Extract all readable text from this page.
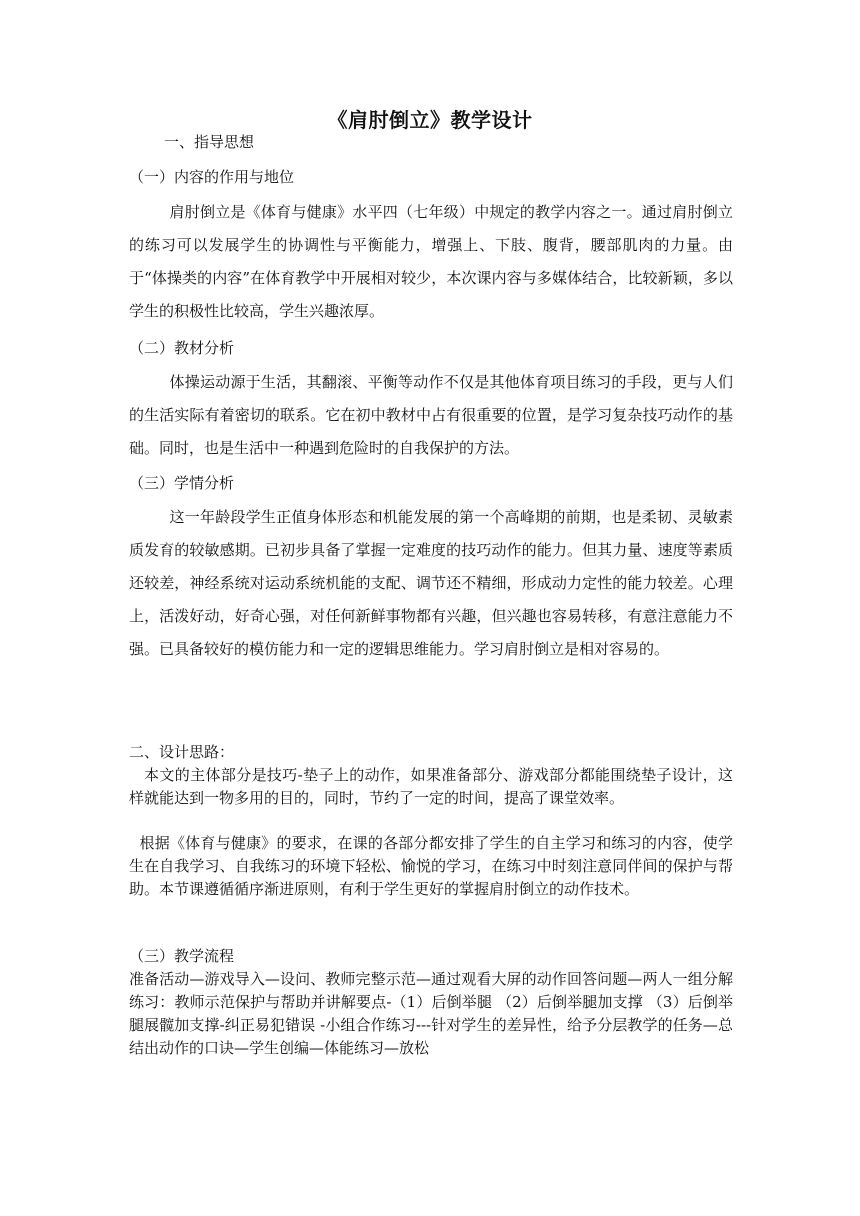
《肩肘倒立》教学设计
一、指导思想
（一）内容的作用与地位
肩肘倒立是《体育与健康》水平四（七年级）中规定的教学内容之一。通过肩肘倒立的练习可以发展学生的协调性与平衡能力，增强上、下肢、腹背，腰部肌肉的力量。由于“体操类的内容”在体育教学中开展相对较少，本次课内容与多媒体结合，比较新颖，多以学生的积极性比较高，学生兴趣浓厚。
（二）教材分析
体操运动源于生活，其翻滚、平衡等动作不仅是其他体育项目练习的手段，更与人们的生活实际有着密切的联系。它在初中教材中占有很重要的位置，是学习复杂技巧动作的基础。同时，也是生活中一种遇到危险时的自我保护的方法。
（三）学情分析
这一年龄段学生正值身体形态和机能发展的第一个高峰期的前期，也是柔韧、灵敏素质发育的较敏感期。已初步具备了掌握一定难度的技巧动作的能力。但其力量、速度等素质还较差，神经系统对运动系统机能的支配、调节还不精细，形成动力定性的能力较差。心理上，活泼好动，好奇心强，对任何新鲜事物都有兴趣，但兴趣也容易转移，有意注意能力不强。已具备较好的模仿能力和一定的逻辑思维能力。学习肩肘倒立是相对容易的。
二、设计思路：
本文的主体部分是技巧-垫子上的动作，如果准备部分、游戏部分都能围绕垫子设计，这样就能达到一物多用的目的，同时，节约了一定的时间，提高了课堂效率。
根据《体育与健康》的要求，在课的各部分都安排了学生的自主学习和练习的内容，使学生在自我学习、自我练习的环境下轻松、愉悦的学习，在练习中时刻注意同伴间的保护与帮助。本节课遵循循序渐进原则，有利于学生更好的掌握肩肘倒立的动作技术。
（三）教学流程
准备活动—游戏导入—设问、教师完整示范—通过观看大屏的动作回答问题—两人一组分解练习：教师示范保护与帮助并讲解要点-（1）后倒举腿 （2）后倒举腿加支撑 （3）后倒举腿展髋加支撑-纠正易犯错误 -小组合作练习---针对学生的差异性，给予分层教学的任务—总结出动作的口诀—学生创编—体能练习—放松
